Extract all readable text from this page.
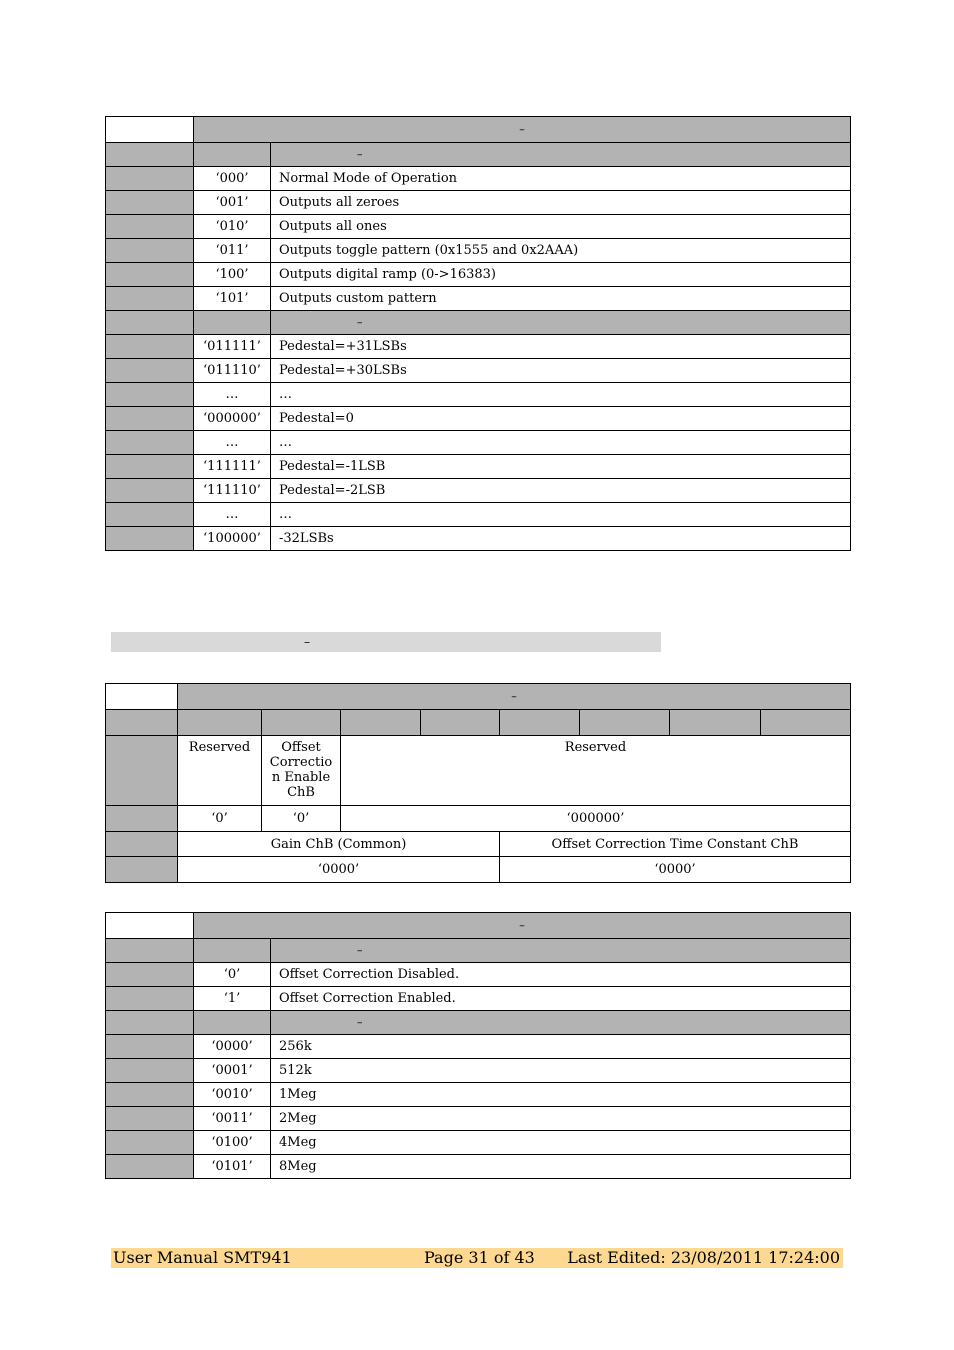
	–	
		–
	‘000’	Normal Mode of Operation
	‘001’	Outputs all zeroes
	‘010’	Outputs all ones
	‘011’	Outputs toggle pattern (0x1555 and 0x2AAA)
	‘100’	Outputs digital ramp (0->16383)
	‘101’	Outputs custom pattern
		–
	‘011111’	Pedestal=+31LSBs
	‘011110’	Pedestal=+30LSBs
	…	…
	‘000000’	Pedestal=0
	…	…
	‘111111’	Pedestal=-1LSB
	‘111110’	Pedestal=-2LSB
	…	…
	‘100000’	-32LSBs
–
	–							

	Reserved	Offset Correctio n Enable ChB	Reserved					
	‘0’	‘0’	‘000000’					
	Gain ChB (Common)				Offset Correction Time Constant ChB			
	‘0000’				‘0000’			
	–	
		–
	‘0’	Offset Correction Disabled.
	‘1’	Offset Correction Enabled.
		–
	‘0000’	256k
	‘0001’	512k
	‘0010’	1Meg
	‘0011’	2Meg
	‘0100’	4Meg
	‘0101’	8Meg
User Manual SMT941	Page 31 of 43 Last Edited: 23/08/2011 17:24:00
